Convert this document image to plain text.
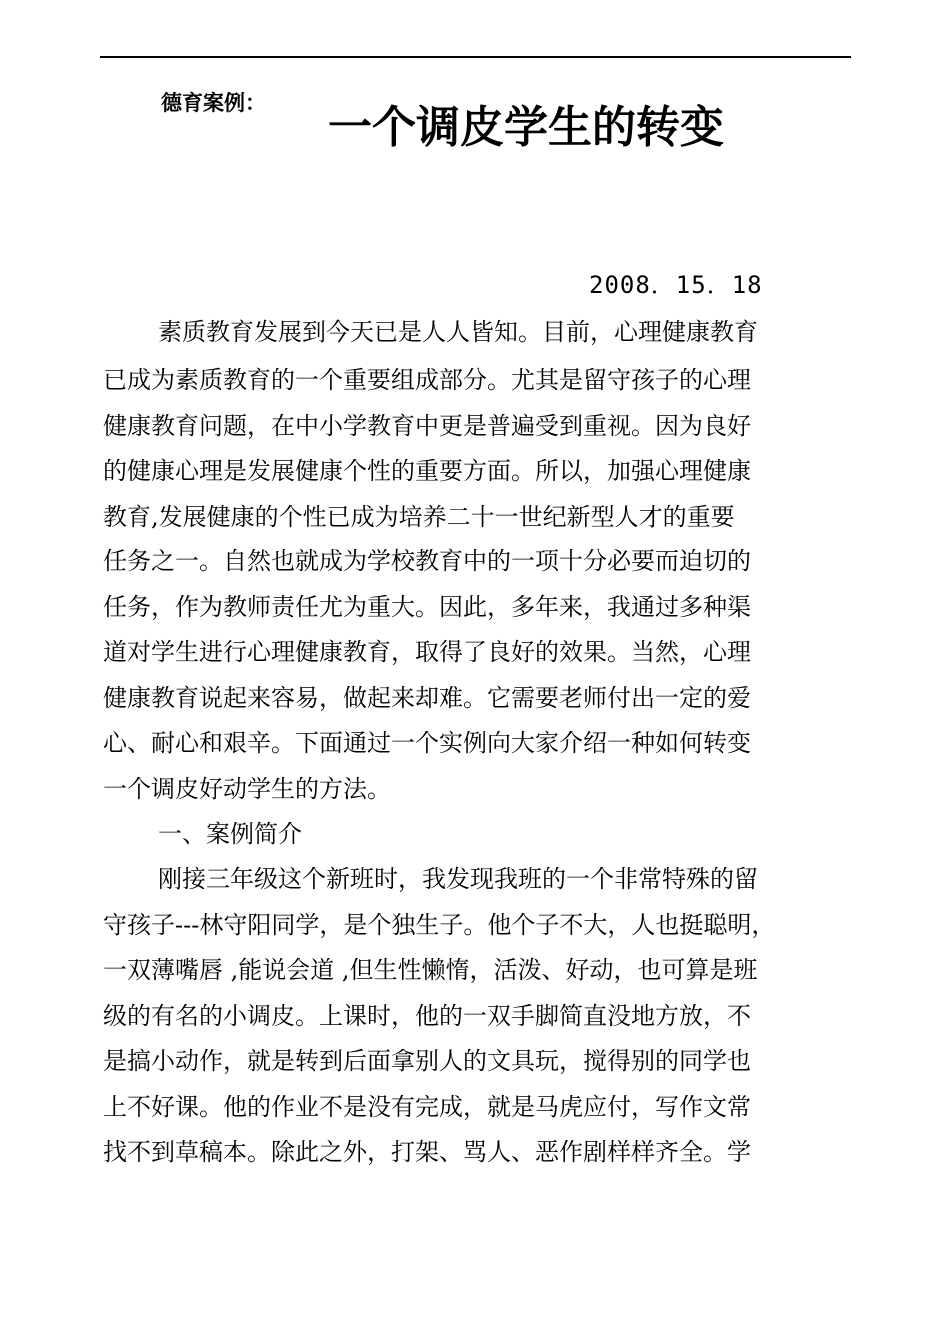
德育案例： 一个调皮学生的转变
2008．15．18
素质教育发展到今天已是人人皆知。目前，心理健康教育
已成为素质教育的一个重要组成部分。尤其是留守孩子的心理
健康教育问题，在中小学教育中更是普遍受到重视。因为良好
的健康心理是发展健康个性的重要方面。所以，加强心理健康
教育,发展健康的个性已成为培养二十一世纪新型人才的重要
任务之一。自然也就成为学校教育中的一项十分必要而迫切的
任务，作为教师责任尤为重大。因此，多年来，我通过多种渠
道对学生进行心理健康教育，取得了良好的效果。当然，心理
健康教育说起来容易，做起来却难。它需要老师付出一定的爱
心、耐心和艰辛。下面通过一个实例向大家介绍一种如何转变
一个调皮好动学生的方法。
一、案例简介
刚接三年级这个新班时，我发现我班的一个非常特殊的留
守孩子---林守阳同学，是个独生子。他个子不大，人也挺聪明，
一双薄嘴唇 ,能说会道 ,但生性懒惰，活泼、好动，也可算是班
级的有名的小调皮。上课时，他的一双手脚简直没地方放，不
是搞小动作，就是转到后面拿别人的文具玩，搅得别的同学也
上不好课。他的作业不是没有完成，就是马虎应付，写作文常
找不到草稿本。除此之外，打架、骂人、恶作剧样样齐全。学
